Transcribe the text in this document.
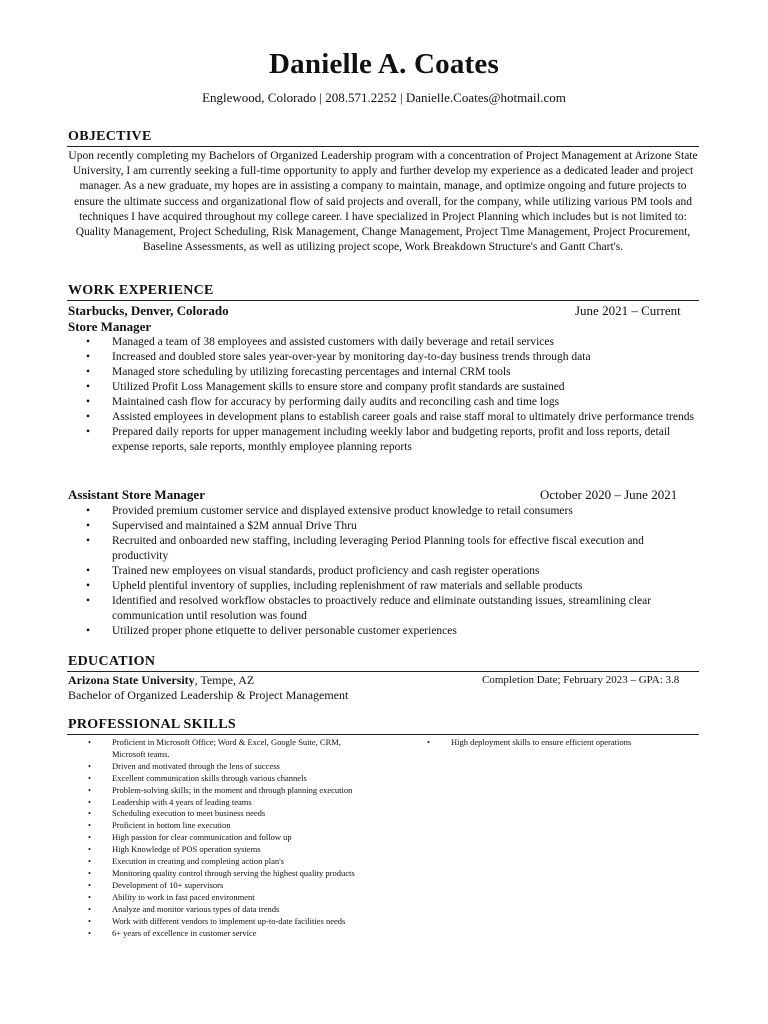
Danielle A. Coates
Englewood, Colorado | 208.571.2252 | Danielle.Coates@hotmail.com
OBJECTIVE
Upon recently completing my Bachelors of Organized Leadership program with a concentration of Project Management at Arizone State University, I am currently seeking a full-time opportunity to apply and further develop my experience as a dedicated leader and project manager. As a new graduate, my hopes are in assisting a company to maintain, manage, and optimize ongoing and future projects to ensure the ultimate success and organizational flow of said projects and overall, for the company, while utilizing various PM tools and techniques I have acquired throughout my college career. I have specialized in Project Planning which includes but is not limited to: Quality Management, Project Scheduling, Risk Management, Change Management, Project Time Management, Project Procurement, Baseline Assessments, as well as utilizing project scope, Work Breakdown Structure's and Gantt Chart's.
WORK EXPERIENCE
Starbucks, Denver, Colorado	June 2021 – Current
Store Manager
• Managed a team of 38 employees and assisted customers with daily beverage and retail services
• Increased and doubled store sales year-over-year by monitoring day-to-day business trends through data
• Managed store scheduling by utilizing forecasting percentages and internal CRM tools
• Utilized Profit Loss Management skills to ensure store and company profit standards are sustained
• Maintained cash flow for accuracy by performing daily audits and reconciling cash and time logs
• Assisted employees in development plans to establish career goals and raise staff moral to ultimately drive performance trends
• Prepared daily reports for upper management including weekly labor and budgeting reports, profit and loss reports, detail expense reports, sale reports, monthly employee planning reports
Assistant Store Manager	October 2020 – June 2021
• Provided premium customer service and displayed extensive product knowledge to retail consumers
• Supervised and maintained a $2M annual Drive Thru
• Recruited and onboarded new staffing, including leveraging Period Planning tools for effective fiscal execution and productivity
• Trained new employees on visual standards, product proficiency and cash register operations
• Upheld plentiful inventory of supplies, including replenishment of raw materials and sellable products
• Identified and resolved workflow obstacles to proactively reduce and eliminate outstanding issues, streamlining clear communication until resolution was found
• Utilized proper phone etiquette to deliver personable customer experiences
EDUCATION
Arizona State University, Tempe, AZ	Completion Date; February 2023 – GPA: 3.8
Bachelor of Organized Leadership & Project Management
PROFESSIONAL SKILLS
• Proficient in Microsoft Office; Word & Excel, Google Suite, CRM, Microsoft teams.
• Driven and motivated through the lens of success
• Excellent communication skills through various channels
• Problem-solving skills; in the moment and through planning execution
• Leadership with 4 years of leading teams
• Scheduling execution to meet business needs
• Proficient in bottom line execution
• High passion for clear communication and follow up
• High Knowledge of POS operation systems
• Execution in creating and completing action plan's
• Monitoring quality control through serving the highest quality products
• Development of 10+ supervisors
• Ability to work in fast paced environment
• Analyze and monitor various types of data trends
• Work with different vendors to implement up-to-date facilities needs
• 6+ years of excellence in customer service
• High deployment skills to ensure efficient operations
